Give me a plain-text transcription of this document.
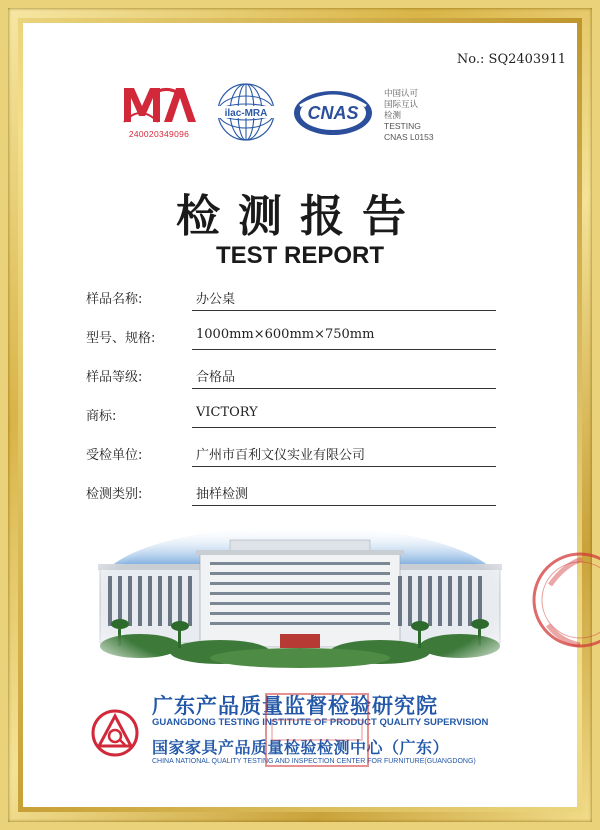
No.: SQ2403911
240020349096
ilac-MRA CNAS
中国认可
国际互认
检测
TESTING
CNAS L0153
检测报告
TEST REPORT
样品名称:	办公桌
型号、规格:	1000mm×600mm×750mm
样品等级:	合格品
商标:	VICTORY
受检单位:	广州市百利文仪实业有限公司
检测类别:	抽样检测
广东产品质量监督检验研究院
GUANGDONG TESTING INSTITUTE OF PRODUCT QUALITY SUPERVISION
国家家具产品质量检验检测中心（广东）
CHINA NATIONAL QUALITY TESTING AND INSPECTION CENTER FOR FURNITURE(GUANGDONG)
